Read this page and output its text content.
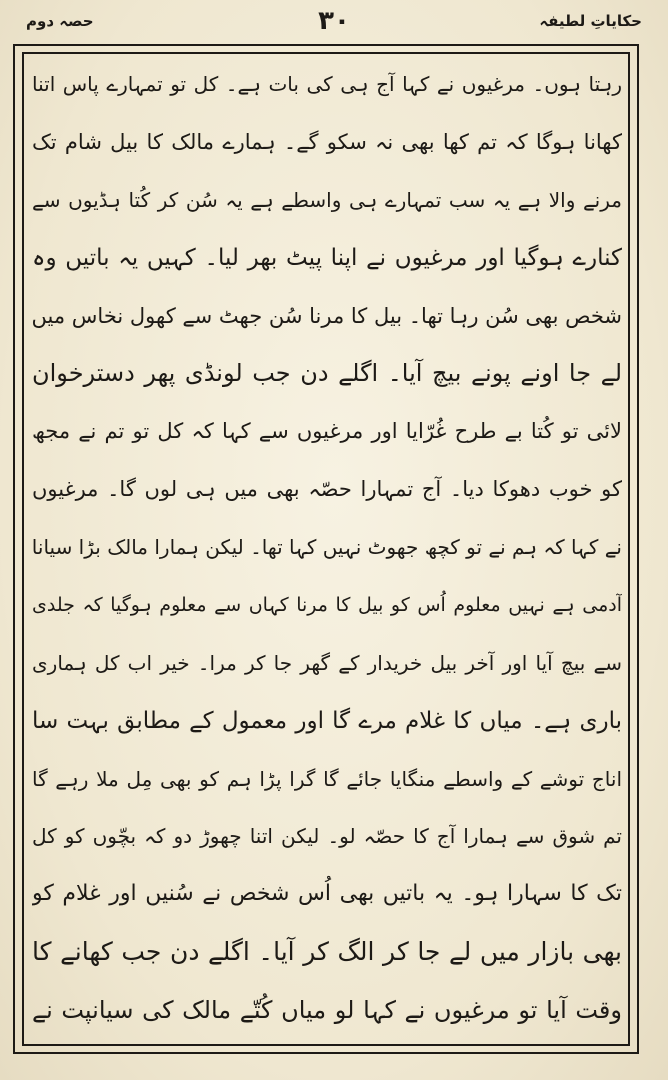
حکایاتِ لطیفہ
۳۰
حصہ دوم
رہتا ہوں۔ مرغیوں نے کہا آج ہی کی بات ہے۔ کل تو تمہارے پاس اتنا
کھانا ہوگا کہ تم کھا بھی نہ سکو گے۔ ہمارے مالک کا بیل شام تک
مرنے والا ہے یہ سب تمہارے ہی واسطے ہے یہ سُن کر کُتا ہڈیوں سے
کنارے ہوگیا اور مرغیوں نے اپنا پیٹ بھر لیا۔ کہیں یہ باتیں وہ
شخص بھی سُن رہا تھا۔ بیل کا مرنا سُن جھٹ سے کھول نخاس میں
لے جا اونے پونے بیچ آیا۔ اگلے دن جب لونڈی پھر دسترخوان
لائی تو کُتا بے طرح غُرّایا اور مرغیوں سے کہا کہ کل تو تم نے مجھ
کو خوب دھوکا دیا۔ آج تمہارا حصّہ بھی میں ہی لوں گا۔ مرغیوں
نے کہا کہ ہم نے تو کچھ جھوٹ نہیں کہا تھا۔ لیکن ہمارا مالک بڑا سیانا
آدمی ہے نہیں معلوم اُس کو بیل کا مرنا کہاں سے معلوم ہوگیا کہ جلدی
سے بیچ آیا اور آخر بیل خریدار کے گھر جا کر مرا۔ خیر اب کل ہماری
باری ہے۔ میاں کا غلام مرے گا اور معمول کے مطابق بہت سا
اناج توشے کے واسطے منگایا جائے گا گرا پڑا ہم کو بھی مِل ملا رہے گا
تم شوق سے ہمارا آج کا حصّہ لو۔ لیکن اتنا چھوڑ دو کہ بچّوں کو کل
تک کا سہارا ہو۔ یہ باتیں بھی اُس شخص نے سُنیں اور غلام کو
بھی بازار میں لے جا کر الگ کر آیا۔ اگلے دن جب کھانے کا
وقت آیا تو مرغیوں نے کہا لو میاں کُتّے مالک کی سیانپت نے
